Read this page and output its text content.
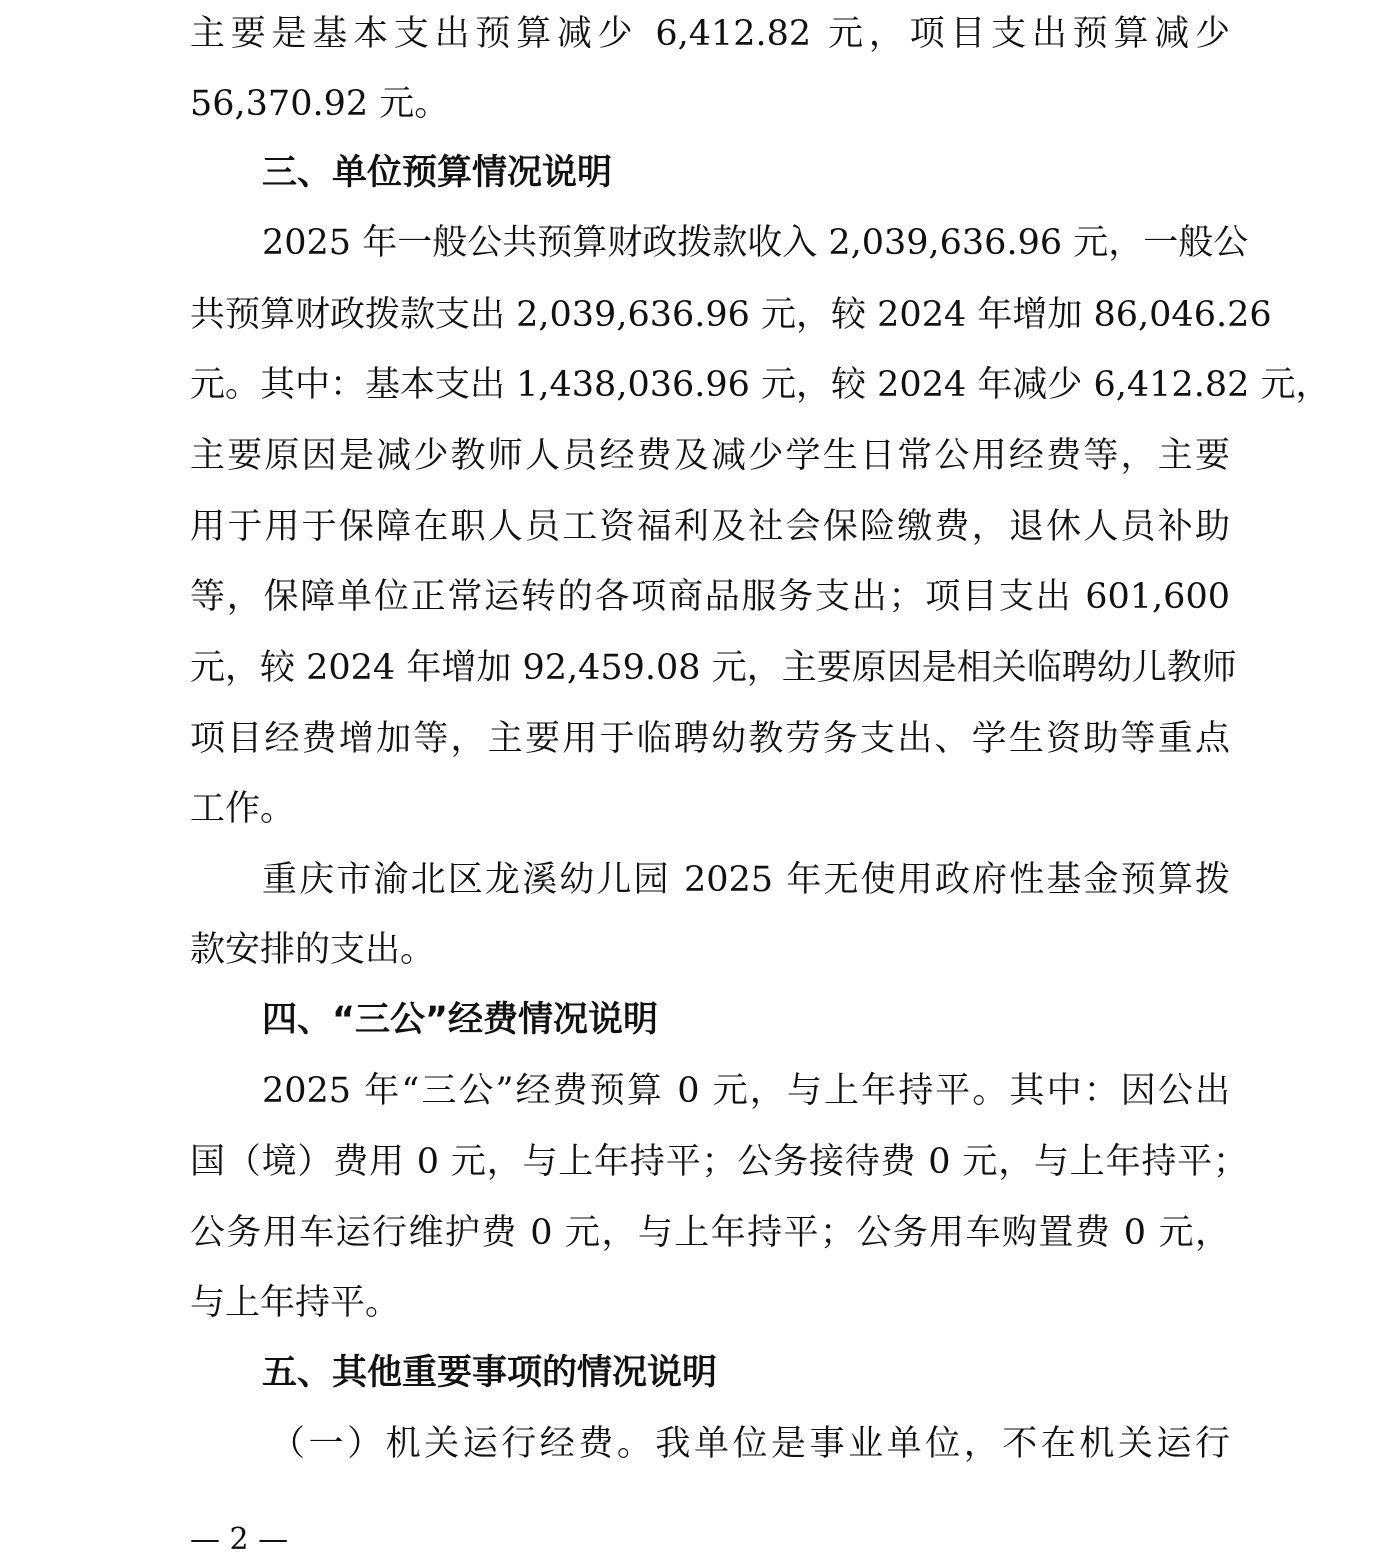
主要是基本支出预算减少 6,412.82 元，项目支出预算减少
56,370.92 元。
三、单位预算情况说明
2025 年一般公共预算财政拨款收入 2,039,636.96 元，一般公
共预算财政拨款支出 2,039,636.96 元，较 2024 年增加 86,046.26
元。其中：基本支出 1,438,036.96 元，较 2024 年减少 6,412.82 元，
主要原因是减少教师人员经费及减少学生日常公用经费等，主要
用于用于保障在职人员工资福利及社会保险缴费，退休人员补助
等，保障单位正常运转的各项商品服务支出；项目支出 601,600
元，较 2024 年增加 92,459.08 元，主要原因是相关临聘幼儿教师
项目经费增加等，主要用于临聘幼教劳务支出、学生资助等重点
工作。
重庆市渝北区龙溪幼儿园 2025 年无使用政府性基金预算拨
款安排的支出。
四、“三公”经费情况说明
2025 年“三公”经费预算 0 元，与上年持平。其中：因公出
国（境）费用 0 元，与上年持平；公务接待费 0 元，与上年持平；
公务用车运行维护费 0 元，与上年持平；公务用车购置费 0 元，
与上年持平。
五、其他重要事项的情况说明
（一）机关运行经费。我单位是事业单位，不在机关运行
— 2 —
